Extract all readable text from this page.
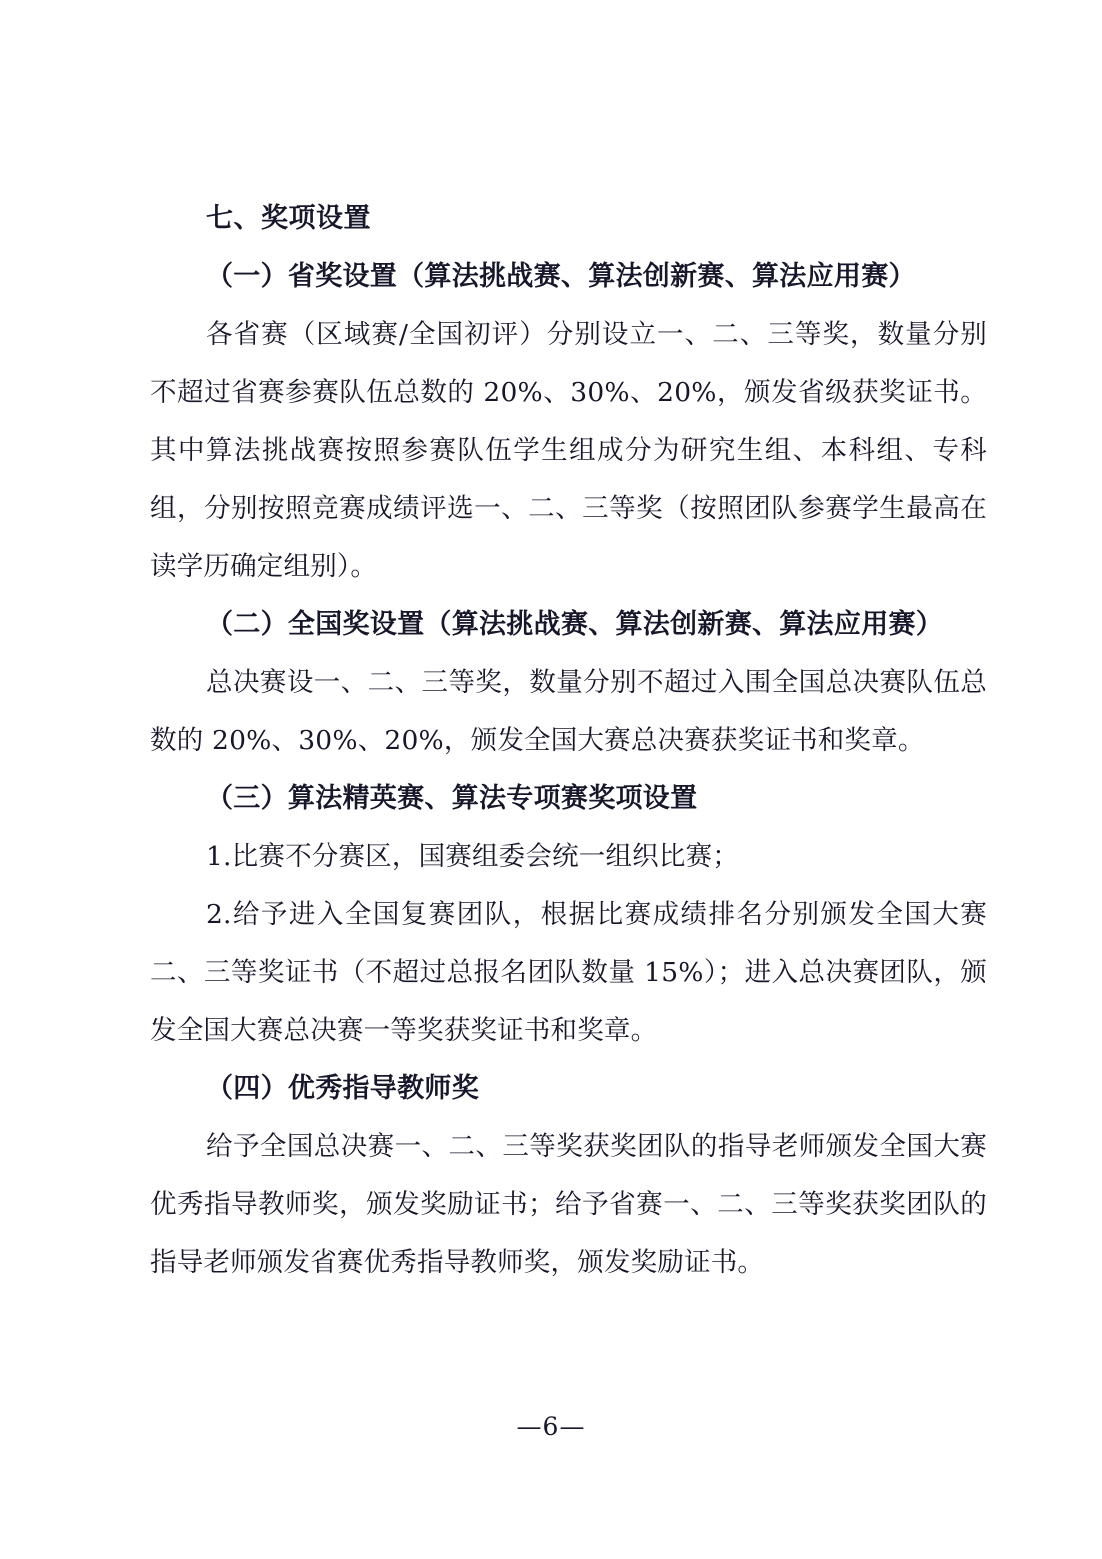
七、奖项设置
（一）省奖设置（算法挑战赛、算法创新赛、算法应用赛）

各省赛（区域赛/全国初评）分别设立一、二、三等奖，数量分别不超过省赛参赛队伍总数的 20%、30%、20%，颁发省级获奖证书。其中算法挑战赛按照参赛队伍学生组成分为研究生组、本科组、专科组，分别按照竞赛成绩评选一、二、三等奖（按照团队参赛学生最高在读学历确定组别）。

（二）全国奖设置（算法挑战赛、算法创新赛、算法应用赛）

总决赛设一、二、三等奖，数量分别不超过入围全国总决赛队伍总数的 20%、30%、20%，颁发全国大赛总决赛获奖证书和奖章。

（三）算法精英赛、算法专项赛奖项设置

1.比赛不分赛区，国赛组委会统一组织比赛；

2.给予进入全国复赛团队，根据比赛成绩排名分别颁发全国大赛二、三等奖证书（不超过总报名团队数量 15%）；进入总决赛团队，颁发全国大赛总决赛一等奖获奖证书和奖章。

（四）优秀指导教师奖

给予全国总决赛一、二、三等奖获奖团队的指导老师颁发全国大赛优秀指导教师奖，颁发奖励证书；给予省赛一、二、三等奖获奖团队的指导老师颁发省赛优秀指导教师奖，颁发奖励证书。

—6—
